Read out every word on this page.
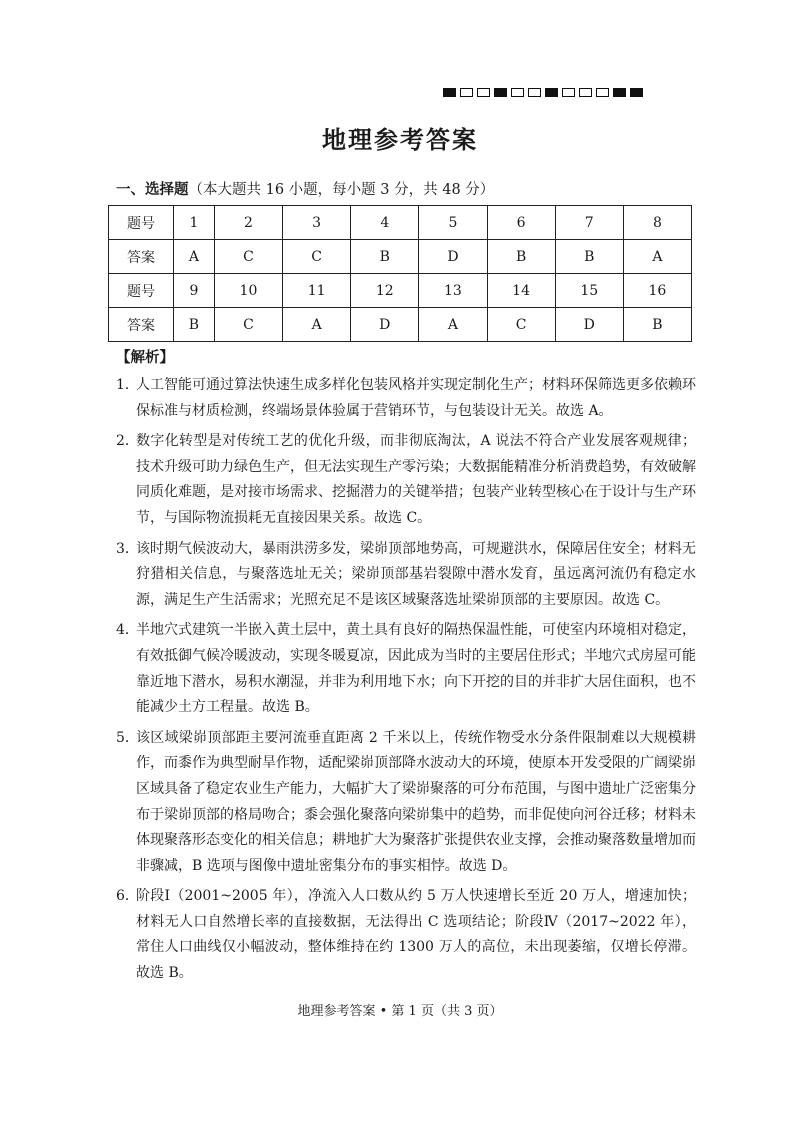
地理参考答案
一、选择题（本大题共 16 小题，每小题 3 分，共 48 分）
题号	1	2	3	4	5	6	7	8
答案	A	C	C	B	D	B	B	A
题号	9	10	11	12	13	14	15	16
答案	B	C	A	D	A	C	D	B
【解析】
1．
人工智能可通过算法快速生成多样化包装风格并实现定制化生产；材料环保筛选更多依赖环保标准与材质检测，终端场景体验属于营销环节，与包装设计无关。故选 A。
2．
数字化转型是对传统工艺的优化升级，而非彻底淘汰，A 说法不符合产业发展客观规律；技术升级可助力绿色生产，但无法实现生产零污染；大数据能精准分析消费趋势，有效破解同质化难题，是对接市场需求、挖掘潜力的关键举措；包装产业转型核心在于设计与生产环节，与国际物流损耗无直接因果关系。故选 C。
3．
该时期气候波动大，暴雨洪涝多发，梁峁顶部地势高，可规避洪水，保障居住安全；材料无狩猎相关信息，与聚落选址无关；梁峁顶部基岩裂隙中潜水发育，虽远离河流仍有稳定水源，满足生产生活需求；光照充足不是该区域聚落选址梁峁顶部的主要原因。故选 C。
4．
半地穴式建筑一半嵌入黄土层中，黄土具有良好的隔热保温性能，可使室内环境相对稳定，有效抵御气候冷暖波动，实现冬暖夏凉，因此成为当时的主要居住形式；半地穴式房屋可能靠近地下潜水，易积水潮湿，并非为利用地下水；向下开挖的目的并非扩大居住面积，也不能减少土方工程量。故选 B。
5．
该区域梁峁顶部距主要河流垂直距离 2 千米以上，传统作物受水分条件限制难以大规模耕作，而黍作为典型耐旱作物，适配梁峁顶部降水波动大的环境，使原本开发受限的广阔梁峁区域具备了稳定农业生产能力，大幅扩大了梁峁聚落的可分布范围，与图中遗址广泛密集分布于梁峁顶部的格局吻合；黍会强化聚落向梁峁集中的趋势，而非促使向河谷迁移；材料未体现聚落形态变化的相关信息；耕地扩大为聚落扩张提供农业支撑，会推动聚落数量增加而非骤减，B 选项与图像中遗址密集分布的事实相悖。故选 D。
6．
阶段Ⅰ（2001~2005 年），净流入人口数从约 5 万人快速增长至近 20 万人，增速加快；材料无人口自然增长率的直接数据，无法得出 C 选项结论；阶段Ⅳ（2017~2022 年），常住人口曲线仅小幅波动，整体维持在约 1300 万人的高位，未出现萎缩，仅增长停滞。故选 B。
地理参考答案 • 第 1 页（共 3 页）
